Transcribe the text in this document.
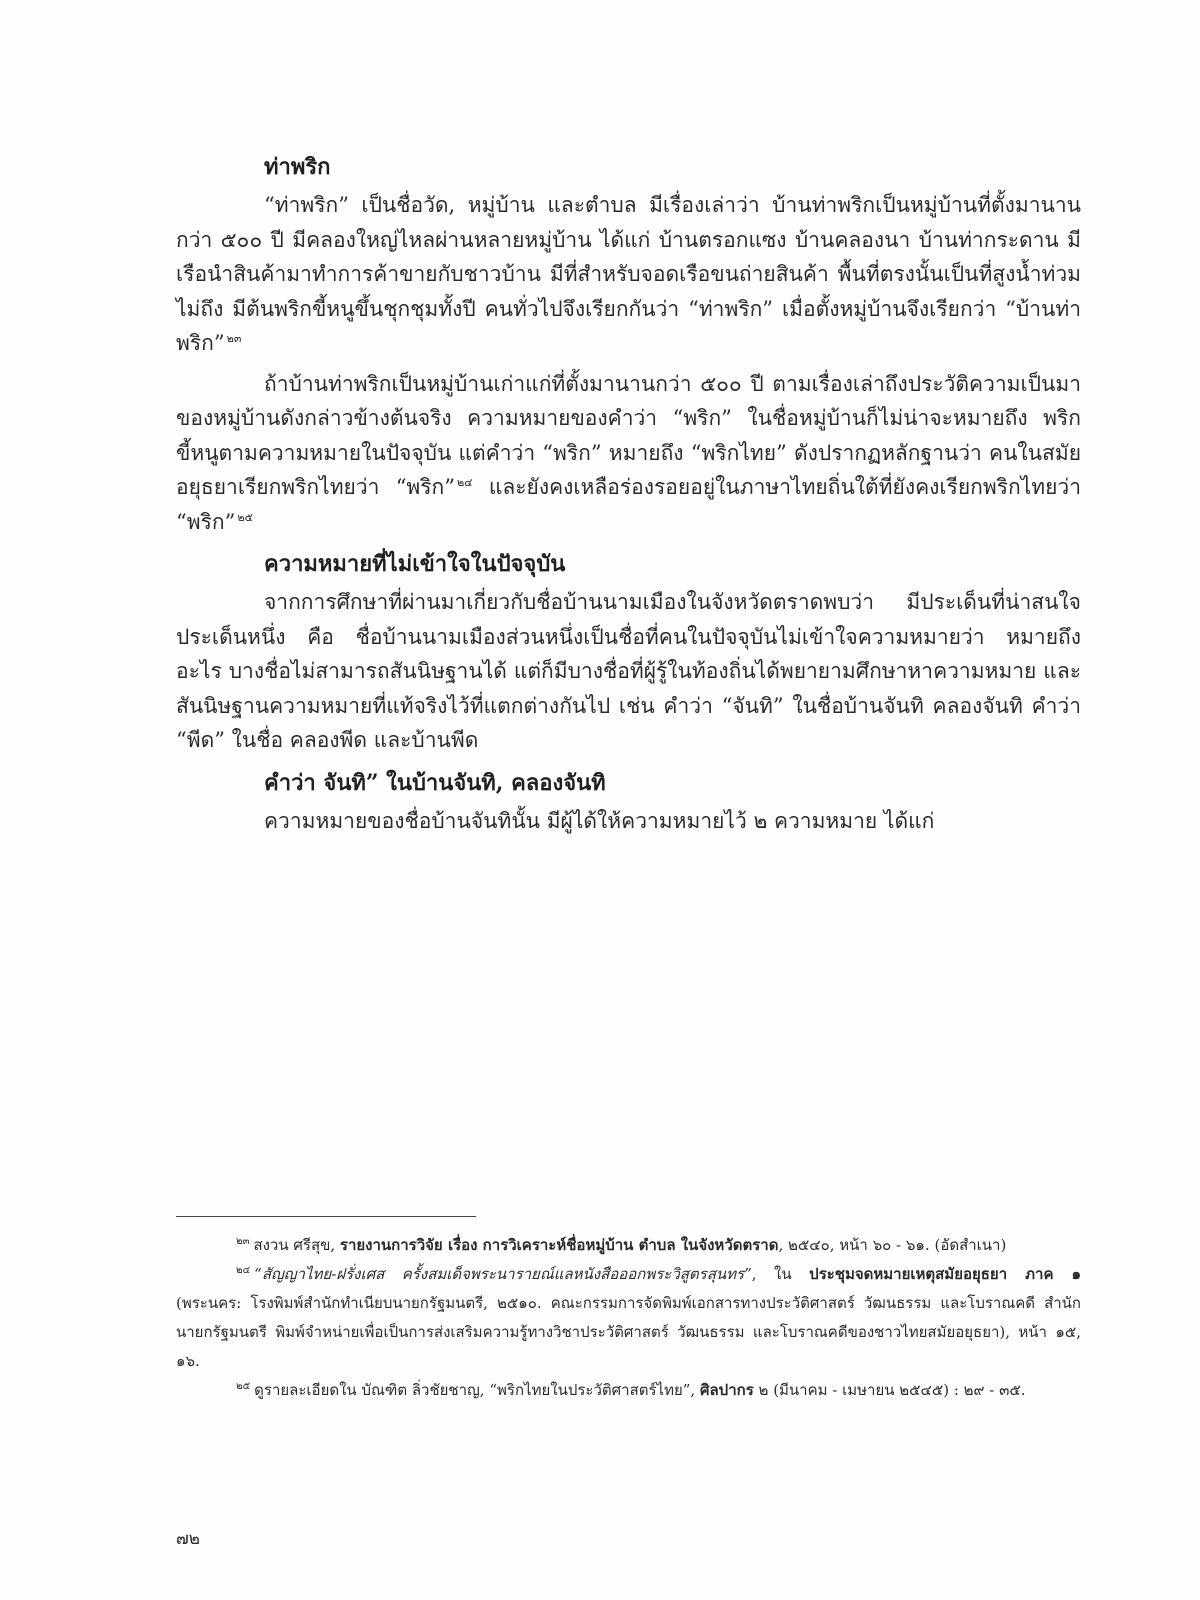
ท่าพริก

“ท่าพริก” เป็นชื่อวัด, หมู่บ้าน และตำบล มีเรื่องเล่าว่า บ้านท่าพริกเป็นหมู่บ้านที่ตั้งมานานกว่า ๕๐๐ ปี มีคลองใหญ่ไหลผ่านหลายหมู่บ้าน ได้แก่ บ้านตรอกแซง บ้านคลองนา บ้านท่ากระดาน มีเรือนำสินค้ามาทำการค้าขายกับชาวบ้าน มีที่สำหรับจอดเรือขนถ่ายสินค้า พื้นที่ตรงนั้นเป็นที่สูงน้ำท่วมไม่ถึง มีต้นพริกขี้หนูขึ้นชุกชุมทั้งปี คนทั่วไปจึงเรียกกันว่า “ท่าพริก” เมื่อตั้งหมู่บ้านจึงเรียกว่า “บ้านท่าพริก” $^{๒๓}$

ถ้าบ้านท่าพริกเป็นหมู่บ้านเก่าแก่ที่ตั้งมานานกว่า ๕๐๐ ปี ตามเรื่องเล่าถึงประวัติความเป็นมาของหมู่บ้านดังกล่าวข้างต้นจริง ความหมายของคำว่า “พริก” ในชื่อหมู่บ้านก็ไม่น่าจะหมายถึง พริกขี้หนูตามความหมายในปัจจุบัน แต่คำว่า “พริก” หมายถึง “พริกไทย” ดังปรากฏหลักฐานว่า คนในสมัยอยุธยาเรียกพริกไทยว่า “พริก” $^{๒๔}$ และยังคงเหลือร่องรอยอยู่ในภาษาไทยถิ่นใต้ที่ยังคงเรียกพริกไทยว่า “พริก” $^{๒๕}$

ความหมายที่ไม่เข้าใจในปัจจุบัน

จากการศึกษาที่ผ่านมาเกี่ยวกับชื่อบ้านนามเมืองในจังหวัดตราดพบว่า มีประเด็นที่น่าสนใจประเด็นหนึ่ง คือ ชื่อบ้านนามเมืองส่วนหนึ่งเป็นชื่อที่คนในปัจจุบันไม่เข้าใจความหมายว่า หมายถึงอะไร บางชื่อไม่สามารถสันนิษฐานได้ แต่ก็มีบางชื่อที่ผู้รู้ในท้องถิ่นได้พยายามศึกษาหาความหมาย และสันนิษฐานความหมายที่แท้จริงไว้ที่แตกต่างกันไป เช่น คำว่า “จันทิ” ในชื่อบ้านจันทิ คลองจันทิ คำว่า “พีด” ในชื่อ คลองพีด และบ้านพีด

คำว่า จันทิ” ในบ้านจันทิ, คลองจันทิ

ความหมายของชื่อบ้านจันทินั้น มีผู้ได้ให้ความหมายไว้ ๒ ความหมาย ได้แก่

$^{๒๓}$ สงวน ศรีสุข, รายงานการวิจัย เรื่อง การวิเคราะห์ชื่อหมู่บ้าน ตำบล ในจังหวัดตราด, ๒๕๔๐, หน้า ๖๐ - ๖๑. (อัดสำเนา)

$^{๒๔}$ “สัญญาไทย-ฝรั่งเศส ครั้งสมเด็จพระนารายณ์แลหนังสือออกพระวิสูตรสุนทร”, ใน ประชุมจดหมายเหตุสมัยอยุธยา ภาค ๑ (พระนคร: โรงพิมพ์สำนักทำเนียบนายกรัฐมนตรี, ๒๕๑๐. คณะกรรมการจัดพิมพ์เอกสารทางประวัติศาสตร์ วัฒนธรรม และโบราณคดี สำนักนายกรัฐมนตรี พิมพ์จำหน่ายเพื่อเป็นการส่งเสริมความรู้ทางวิชาประวัติศาสตร์ วัฒนธรรม และโบราณคดีของชาวไทยสมัยอยุธยา), หน้า ๑๕, ๑๖.

$^{๒๕}$ ดูรายละเอียดใน บัณฑิต ลิ่วชัยชาญ, “พริกไทยในประวัติศาสตร์ไทย”, ศิลปากร ๒ (มีนาคม - เมษายน ๒๕๔๕) : ๒๙ - ๓๕.

๗๒
